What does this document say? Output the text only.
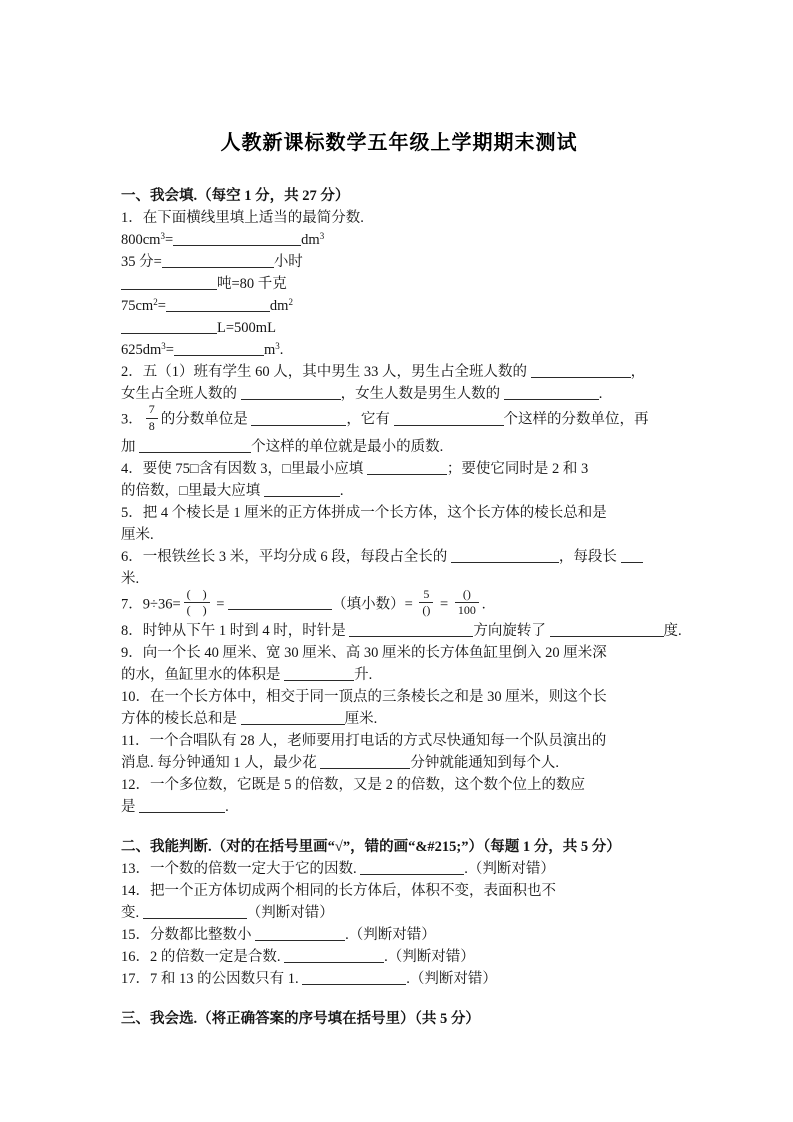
人教新课标数学五年级上学期期末测试
一、我会填.（每空 1 分，共 27 分）
1．在下面横线里填上适当的最简分数.
$800cm^3=$	$dm^3$
35 分=	小时
吨=80 千克
$75cm^2=$	$dm^2$
L=500mL
$625dm^3=$	$m^3$.
2．五（1）班有学生 60 人，其中男生 33 人，男生占全班人数的	，
女生占全班人数的	，女生人数是男生人数的	.
3． $\frac{7}{8}$ 的分数单位是	，它有	个这样的分数单位，再
加	个这样的单位就是最小的质数.
4．要使 75□含有因数 3，□里最小应填	；要使它同时是 2 和 3
的倍数，□里最大应填	.
5．把 4 个棱长是 1 厘米的正方体拼成一个长方体，这个长方体的棱长总和是
厘米.
6．一根铁丝长 3 米，平均分成 6 段，每段占全长的	，每段长
米.
7．$9\div 36= \frac{( )}{( )}$ =	（填小数）= $\frac{5}{()} = \frac{()}{100}$ .
8．时钟从下午 1 时到 4 时，时针是	方向旋转了	度.
9．向一个长 40 厘米、宽 30 厘米、高 30 厘米的长方体鱼缸里倒入 20 厘米深
的水，鱼缸里水的体积是	升.
10．在一个长方体中，相交于同一顶点的三条棱长之和是 30 厘米，则这个长
方体的棱长总和是	厘米.
11．一个合唱队有 28 人，老师要用打电话的方式尽快通知每一个队员演出的
消息. 每分钟通知 1 人，最少花	分钟就能通知到每个人.
12．一个多位数，它既是 5 的倍数，又是 2 的倍数，这个数个位上的数应
是	.
二、我能判断.（对的在括号里画“√”，错的画“&#215;”）（每题 1 分，共 5 分）
13．一个数的倍数一定大于它的因数.	.（判断对错）
14．把一个正方体切成两个相同的长方体后，体积不变，表面积也不
变.	（判断对错）
15．分数都比整数小	.（判断对错）
16．2 的倍数一定是合数.	.（判断对错）
17．7 和 13 的公因数只有 1.	.（判断对错）
三、我会选.（将正确答案的序号填在括号里）（共 5 分）
